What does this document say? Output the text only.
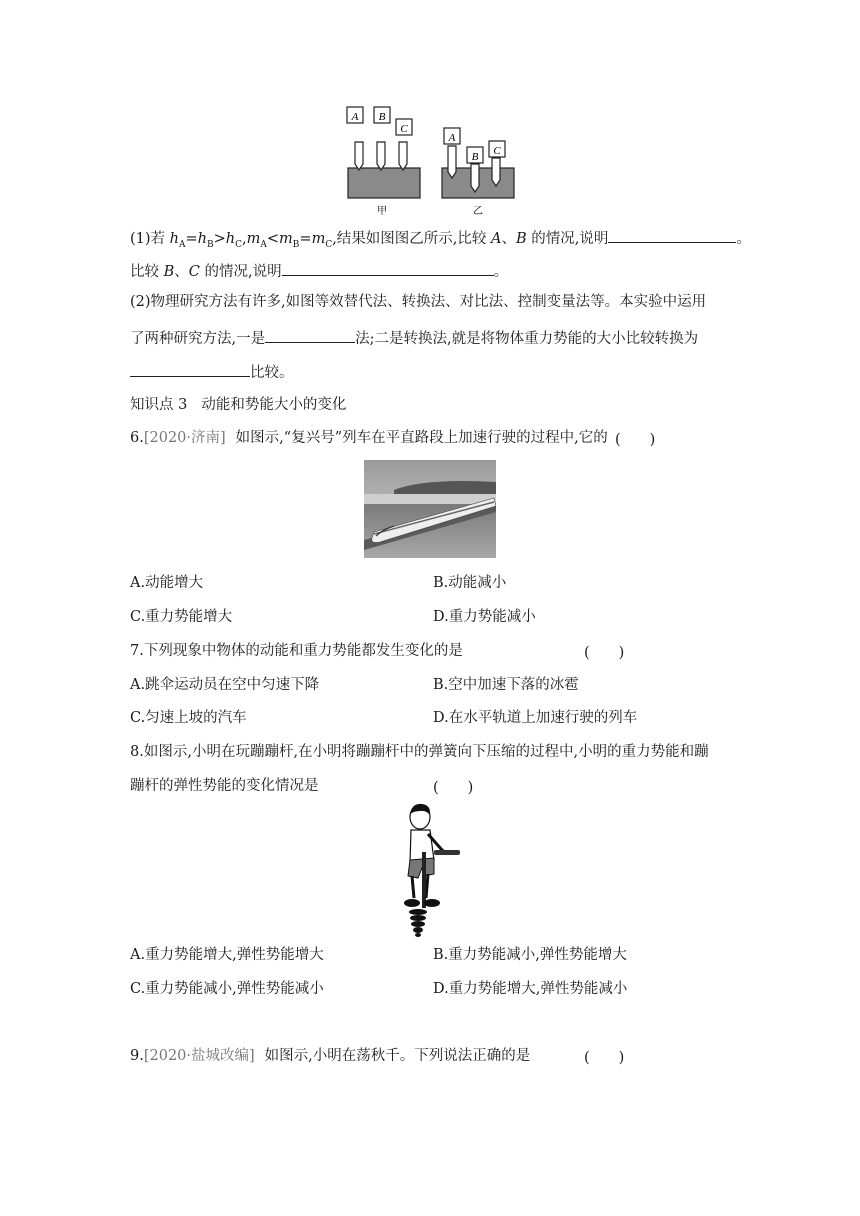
A B
C
甲
A
B C
乙
(1)若 $h_A=h_B>h_C,m_A<m_B=m_C$,结果如图图乙所示,比较 A、B 的情况,说明	。
比较 B、C 的情况,说明	。
(2)物理研究方法有许多,如图等效替代法、转换法、对比法、控制变量法等。本实验中运用
了两种研究方法,一是	法;二是转换法,就是将物体重力势能的大小比较转换为
比较。
知识点 3 动能和势能大小的变化
6.[2020·济南] 如图示,“复兴号”列车在平直路段上加速行驶的过程中,它的 (　　)
A.动能增大	B.动能减小
C.重力势能增大	D.重力势能减小
7.下列现象中物体的动能和重力势能都发生变化的是	(　　)
A.跳伞运动员在空中匀速下降	B.空中加速下落的冰雹
C.匀速上坡的汽车	D.在水平轨道上加速行驶的列车
8.如图示,小明在玩蹦蹦杆,在小明将蹦蹦杆中的弹簧向下压缩的过程中,小明的重力势能和蹦
蹦杆的弹性势能的变化情况是	(　　)
A.重力势能增大,弹性势能增大	B.重力势能减小,弹性势能增大
C.重力势能减小,弹性势能减小	D.重力势能增大,弹性势能减小
9.[2020·盐城改编] 如图示,小明在荡秋千。下列说法正确的是	(　　)
